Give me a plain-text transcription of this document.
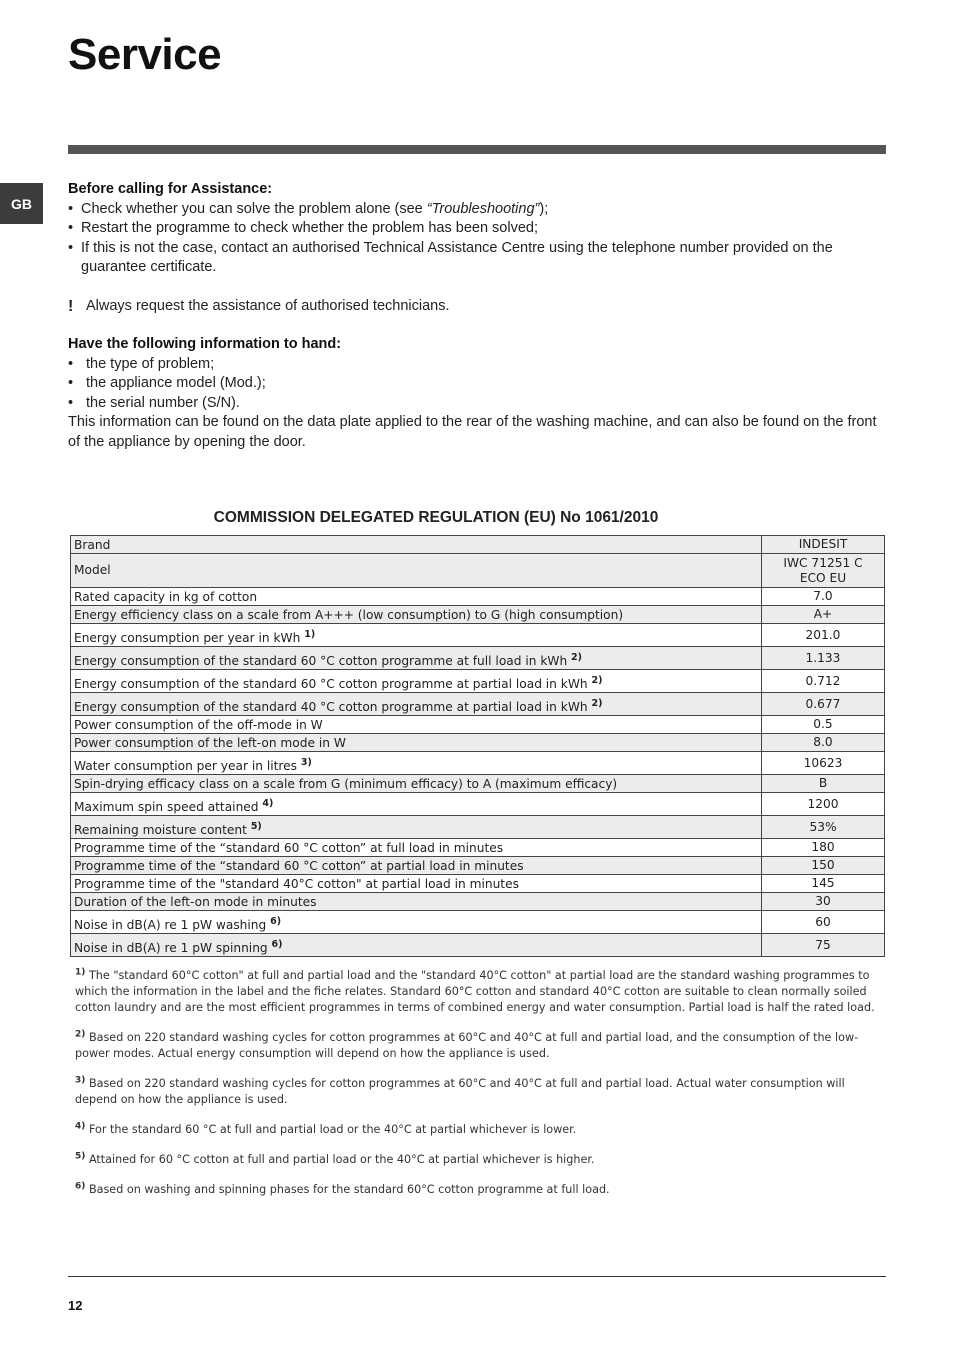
Service
GB
Before calling for Assistance:
• Check whether you can solve the problem alone (see “Troubleshooting”);
• Restart the programme to check whether the problem has been solved;
• If this is not the case, contact an authorised Technical Assistance Centre using the telephone number provided on the guarantee certificate.
! Always request the assistance of authorised technicians.
Have the following information to hand:
• the type of problem;
• the appliance model (Mod.);
• the serial number (S/N).

This information can be found on the data plate applied to the rear of the washing machine, and can also be found on the front of the appliance by opening the door.

COMMISSION DELEGATED REGULATION (EU) No 1061/2010
Brand	INDESIT

Model	IWC 71251 C
ECO EU

Rated capacity in kg of cotton	7.0

Energy efficiency class on a scale from A+++ (low consumption) to G (high consumption)	A+

Energy consumption per year in kWh $^{1)}$	201.0

Energy consumption of the standard 60 °C cotton programme at full load in kWh $^{2)}$	1.133

Energy consumption of the standard 60 °C cotton programme at partial load in kWh $^{2)}$	0.712

Energy consumption of the standard 40 °C cotton programme at partial load in kWh $^{2)}$	0.677

Power consumption of the off-mode in W	0.5

Power consumption of the left-on mode in W	8.0

Water consumption per year in litres $^{3)}$	10623

Spin-drying efficacy class on a scale from G (minimum efficacy) to A (maximum efficacy)	B

Maximum spin speed attained $^{4)}$	1200

Remaining moisture content $^{5)}$	53%

Programme time of the “standard 60 °C cotton” at full load in minutes	180

Programme time of the “standard 60 °C cotton” at partial load in minutes	150

Programme time of the "standard 40°C cotton" at partial load in minutes	145

Duration of the left-on mode in minutes	30

Noise in dB(A) re 1 pW washing $^{6)}$	60

Noise in dB(A) re 1 pW spinning $^{6)}$	75

$^{1)}$ The "standard 60°C cotton" at full and partial load and the "standard 40°C cotton" at partial load are the standard washing programmes to which the information in the label and the fiche relates. Standard 60°C cotton and standard 40°C cotton are suitable to clean normally soiled cotton laundry and are the most efficient programmes in terms of combined energy and water consumption. Partial load is half the rated load.

$^{2)}$ Based on 220 standard washing cycles for cotton programmes at 60°C and 40°C at full and partial load, and the consumption of the low-power modes. Actual energy consumption will depend on how the appliance is used.

$^{3)}$ Based on 220 standard washing cycles for cotton programmes at 60°C and 40°C at full and partial load. Actual water consumption will depend on how the appliance is used.

$^{4)}$ For the standard 60 °C at full and partial load or the 40°C at partial whichever is lower.

$^{5)}$ Attained for 60 °C cotton at full and partial load or the 40°C at partial whichever is higher.

$^{6)}$ Based on washing and spinning phases for the standard 60°C cotton programme at full load.

12
